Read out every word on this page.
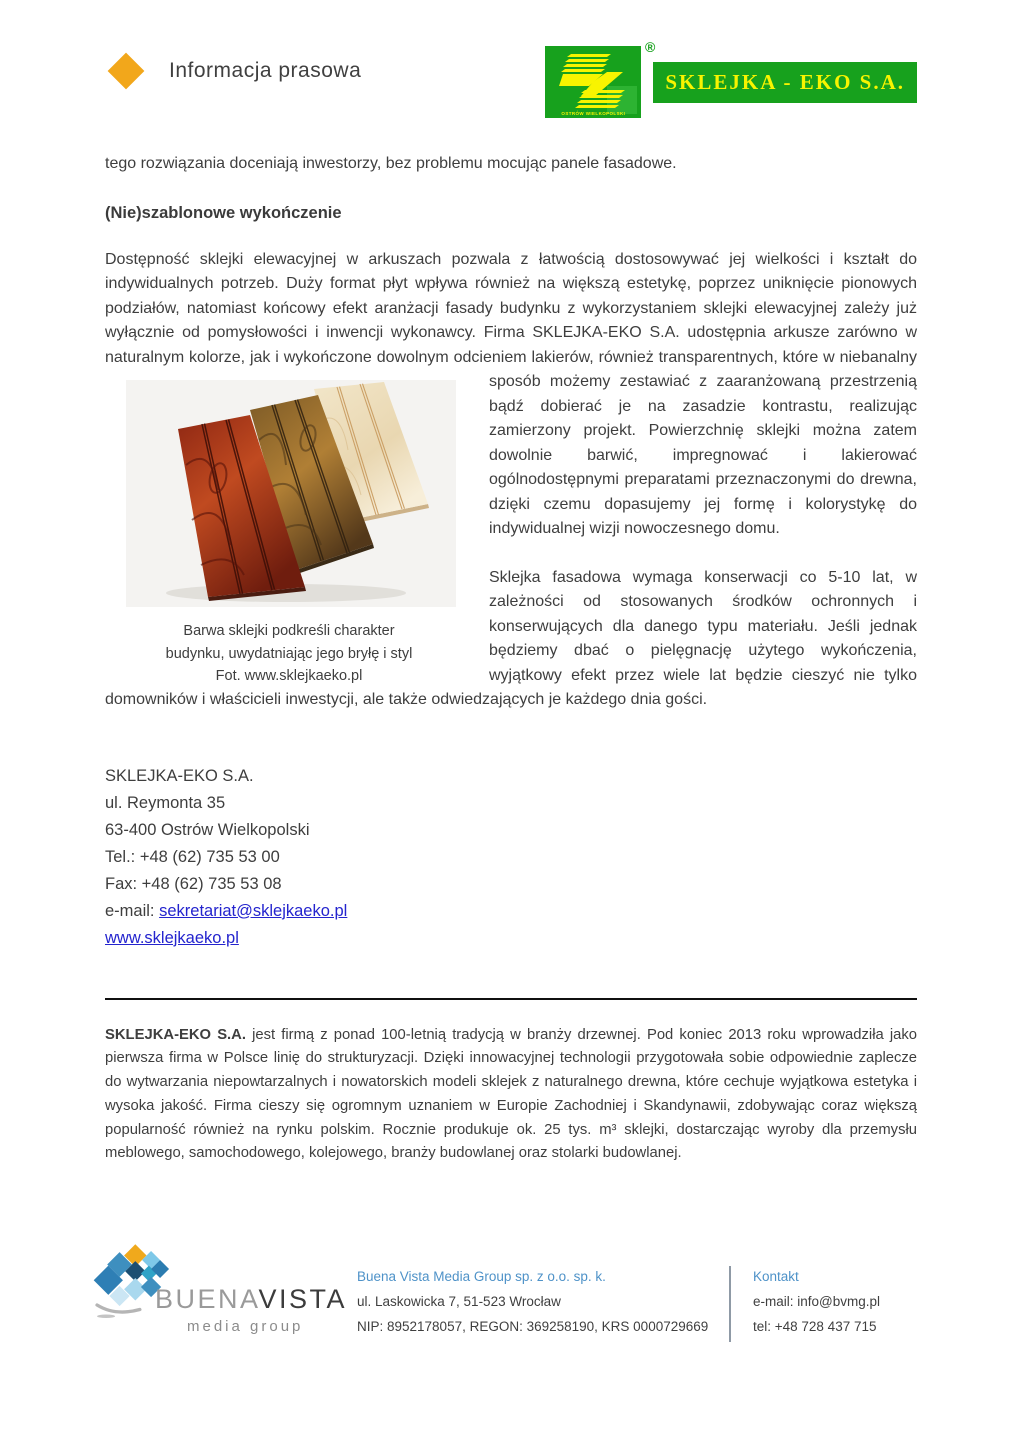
Informacja prasowa
®
OSTRÓW WIELKOPOLSKI
SKLEJKA - EKO S.A.

tego rozwiązania doceniają inwestorzy, bez problemu mocując panele fasadowe.

(Nie)szablonowe wykończenie

Dostępność sklejki elewacyjnej w arkuszach pozwala z łatwością dostosowywać jej wielkości i kształt do indywidualnych potrzeb. Duży format płyt wpływa również na większą estetykę, poprzez uniknięcie pionowych podziałów, natomiast końcowy efekt aranżacji fasady budynku z wykorzystaniem sklejki elewacyjnej zależy już wyłącznie od pomysłowości i inwencji wykonawcy. Firma SKLEJKA-EKO S.A. udostępnia arkusze zarówno w naturalnym kolorze, jak i wykończone dowolnym odcieniem lakierów, również transparentnych, które w niebanalny

Barwa sklejki podkreśli charakter
budynku, uwydatniając jego bryłę i styl
Fot. www.sklejkaeko.pl

sposób możemy zestawiać z zaaranżowaną przestrzenią bądź dobierać je na zasadzie kontrastu, realizując zamierzony projekt. Powierzchnię sklejki można zatem dowolnie barwić, impregnować i lakierować ogólnodostępnymi preparatami przeznaczonymi do drewna, dzięki czemu dopasujemy jej formę i kolorystykę do indywidualnej wizji nowoczesnego domu.

Sklejka fasadowa wymaga konserwacji co 5-10 lat, w zależności od stosowanych środków ochronnych i konserwujących dla danego typu materiału. Jeśli jednak będziemy dbać o pielęgnację użytego wykończenia, wyjątkowy efekt przez wiele lat będzie cieszyć nie tylko domowników i właścicieli inwestycji, ale także odwiedzających je każdego dnia gości.

SKLEJKA-EKO S.A.
ul. Reymonta 35
63-400 Ostrów Wielkopolski
Tel.: +48 (62) 735 53 00
Fax: +48 (62) 735 53 08
e-mail: sekretariat@sklejkaeko.pl
www.sklejkaeko.pl

SKLEJKA-EKO S.A. jest firmą z ponad 100-letnią tradycją w branży drzewnej. Pod koniec 2013 roku wprowadziła jako pierwsza firma w Polsce linię do strukturyzacji. Dzięki innowacyjnej technologii przygotowała sobie odpowiednie zaplecze do wytwarzania niepowtarzalnych i nowatorskich modeli sklejek z naturalnego drewna, które cechuje wyjątkowa estetyka i wysoka jakość. Firma cieszy się ogromnym uznaniem w Europie Zachodniej i Skandynawii, zdobywając coraz większą popularność również na rynku polskim. Rocznie produkuje ok. 25 tys. m³ sklejki, dostarczając wyroby dla przemysłu meblowego, samochodowego, kolejowego, branży budowlanej oraz stolarki budowlanej.

BUENAVISTA
media group
Buena Vista Media Group sp. z o.o. sp. k.
ul. Laskowicka 7, 51-523 Wrocław
NIP: 8952178057, REGON: 369258190, KRS 0000729669
Kontakt
e-mail: info@bvmg.pl
tel: +48 728 437 715
